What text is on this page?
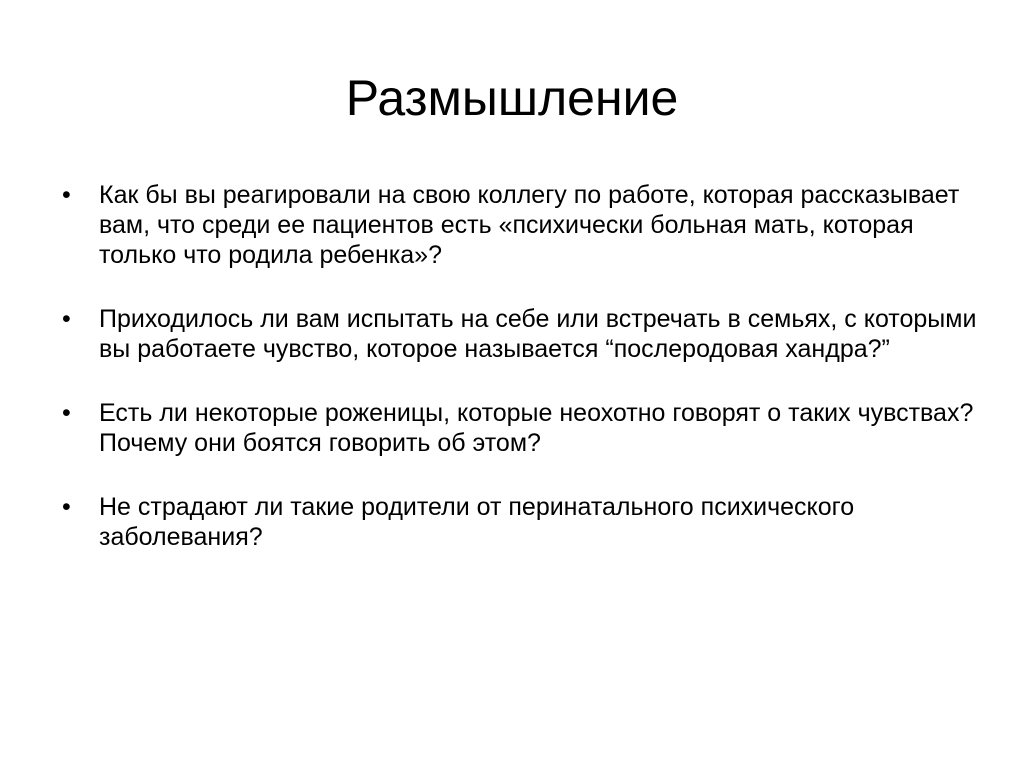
Размышление
• Как бы вы реагировали на свою коллегу по работе, которая рассказывает вам, что среди ее пациентов есть «психически больная мать, которая только что родила ребенка»?
• Приходилось ли вам испытать на себе или встречать в семьях, с которыми вы работаете чувство, которое называется “послеродовая хандра?”
• Есть ли некоторые роженицы, которые неохотно говорят о таких чувствах?  Почему они боятся говорить об этом?
• Не страдают ли такие родители от перинатального психического заболевания?
